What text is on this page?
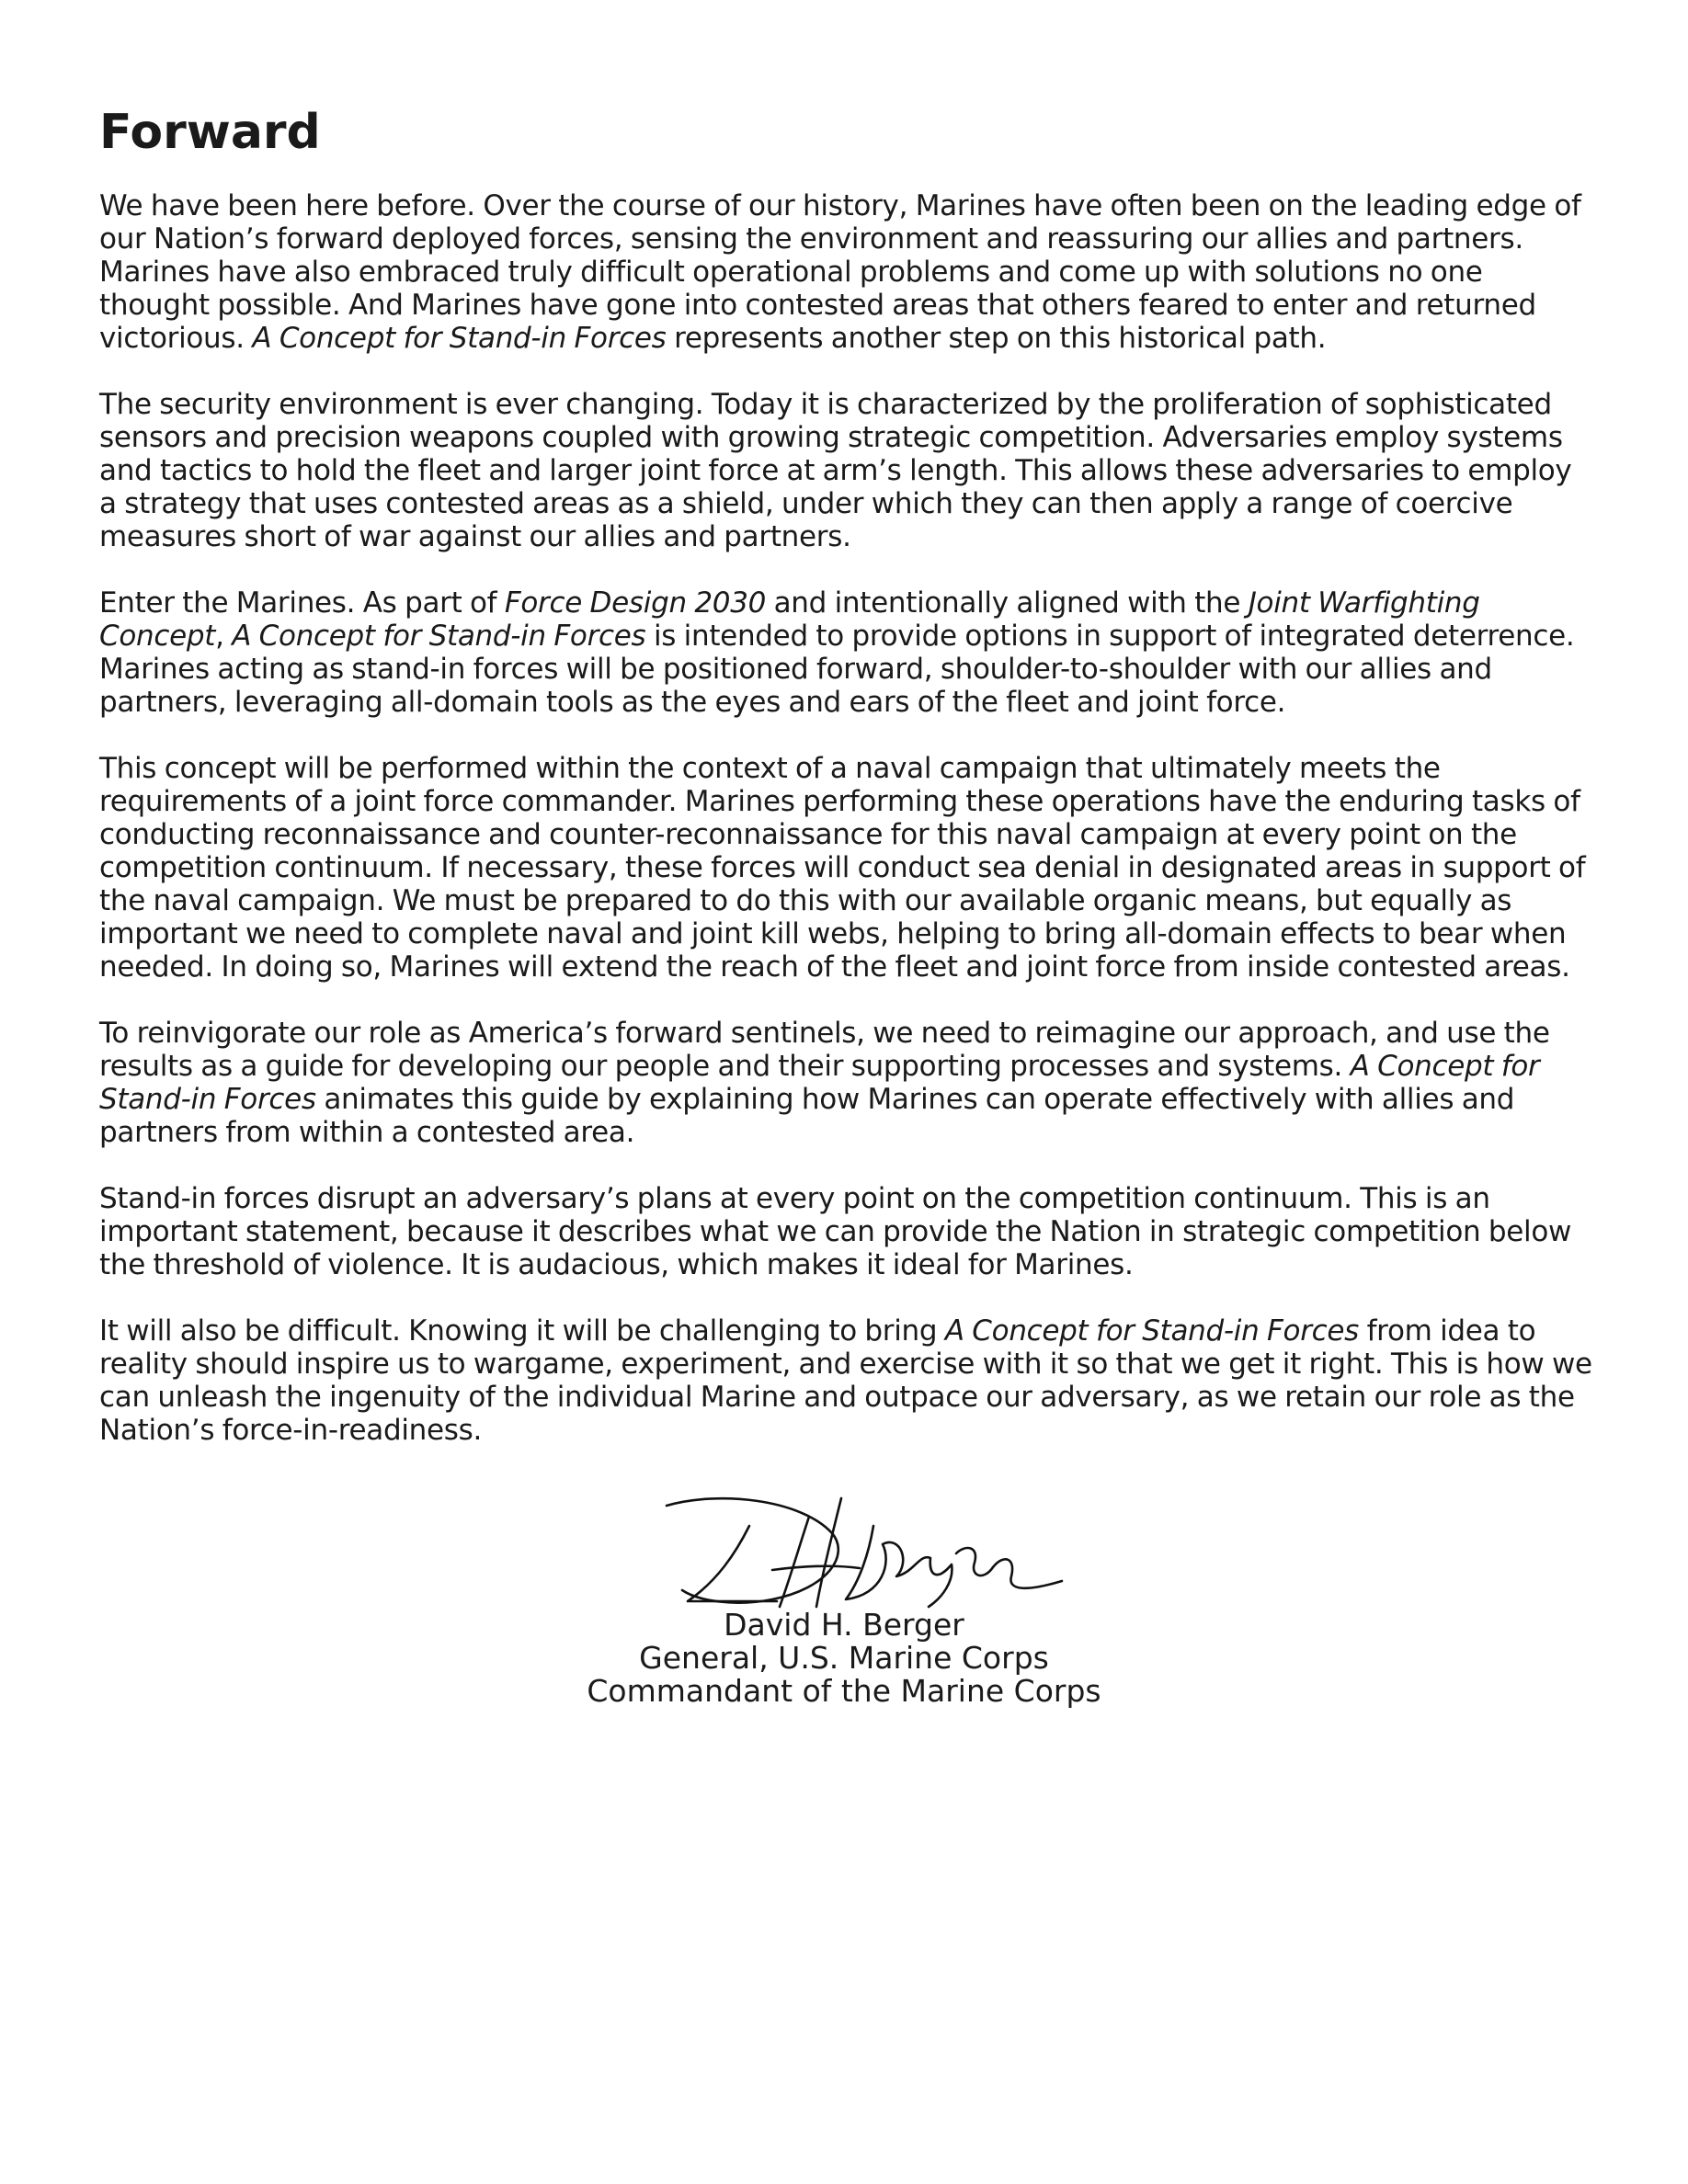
Forward

We have been here before. Over the course of our history, Marines have often been on the leading edge of our Nation’s forward deployed forces, sensing the environment and reassuring our allies and partners. Marines have also embraced truly difficult operational problems and come up with solutions no one thought possible. And Marines have gone into contested areas that others feared to enter and returned victorious. A Concept for Stand-in Forces represents another step on this historical path.

The security environment is ever changing. Today it is characterized by the proliferation of sophisticated sensors and precision weapons coupled with growing strategic competition. Adversaries employ systems and tactics to hold the fleet and larger joint force at arm’s length. This allows these adversaries to employ a strategy that uses contested areas as a shield, under which they can then apply a range of coercive measures short of war against our allies and partners.

Enter the Marines. As part of Force Design 2030 and intentionally aligned with the Joint Warfighting Concept, A Concept for Stand-in Forces is intended to provide options in support of integrated deterrence. Marines acting as stand-in forces will be positioned forward, shoulder-to-shoulder with our allies and partners, leveraging all-domain tools as the eyes and ears of the fleet and joint force.

This concept will be performed within the context of a naval campaign that ultimately meets the requirements of a joint force commander. Marines performing these operations have the enduring tasks of conducting reconnaissance and counter-reconnaissance for this naval campaign at every point on the competition continuum. If necessary, these forces will conduct sea denial in designated areas in support of the naval campaign. We must be prepared to do this with our available organic means, but equally as important we need to complete naval and joint kill webs, helping to bring all-domain effects to bear when needed. In doing so, Marines will extend the reach of the fleet and joint force from inside contested areas.

To reinvigorate our role as America’s forward sentinels, we need to reimagine our approach, and use the results as a guide for developing our people and their supporting processes and systems. A Concept for Stand-in Forces animates this guide by explaining how Marines can operate effectively with allies and partners from within a contested area.

Stand-in forces disrupt an adversary’s plans at every point on the competition continuum. This is an important statement, because it describes what we can provide the Nation in strategic competition below the threshold of violence. It is audacious, which makes it ideal for Marines.

It will also be difficult. Knowing it will be challenging to bring A Concept for Stand-in Forces from idea to reality should inspire us to wargame, experiment, and exercise with it so that we get it right. This is how we can unleash the ingenuity of the individual Marine and outpace our adversary, as we retain our role as the Nation’s force-in-readiness.

David H. Berger
General, U.S. Marine Corps
Commandant of the Marine Corps
